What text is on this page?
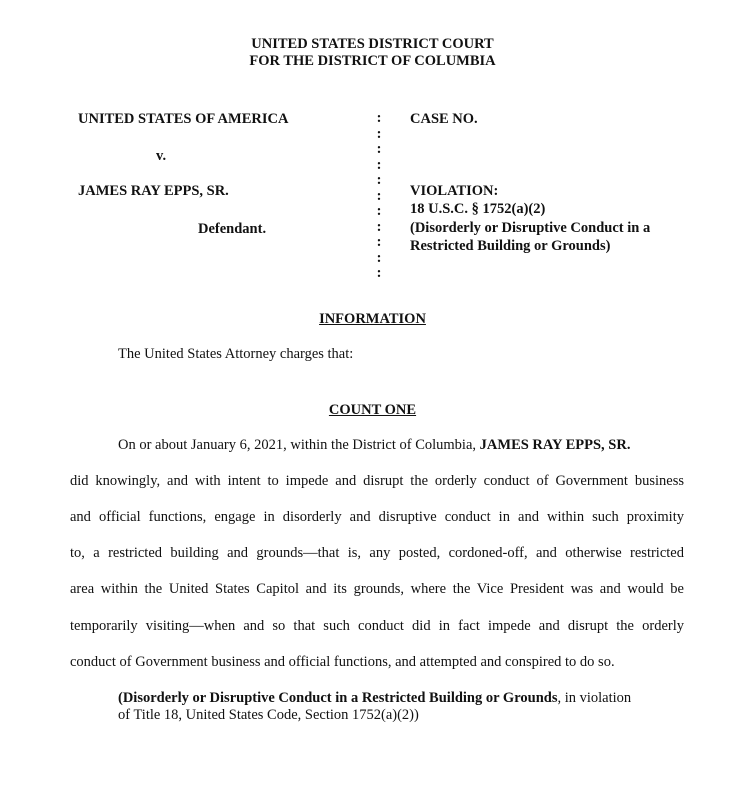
UNITED STATES DISTRICT COURT
FOR THE DISTRICT OF COLUMBIA
UNITED STATES OF AMERICA
v.
JAMES RAY EPPS, SR.
Defendant.
:
:
:
:
:
:
:
:
:
:
:
CASE NO.
VIOLATION:
18 U.S.C. § 1752(a)(2)
(Disorderly or Disruptive Conduct in a
Restricted Building or Grounds)
INFORMATION
The United States Attorney charges that:
COUNT ONE
On or about January 6, 2021, within the District of Columbia, JAMES RAY EPPS, SR.
did knowingly, and with intent to impede and disrupt the orderly conduct of Government business
and official functions, engage in disorderly and disruptive conduct in and within such proximity
to, a restricted building and grounds—that is, any posted, cordoned-off, and otherwise restricted
area within the United States Capitol and its grounds, where the Vice President was and would be
temporarily visiting—when and so that such conduct did in fact impede and disrupt the orderly
conduct of Government business and official functions, and attempted and conspired to do so.
(Disorderly or Disruptive Conduct in a Restricted Building or Grounds, in violation
of Title 18, United States Code, Section 1752(a)(2))
